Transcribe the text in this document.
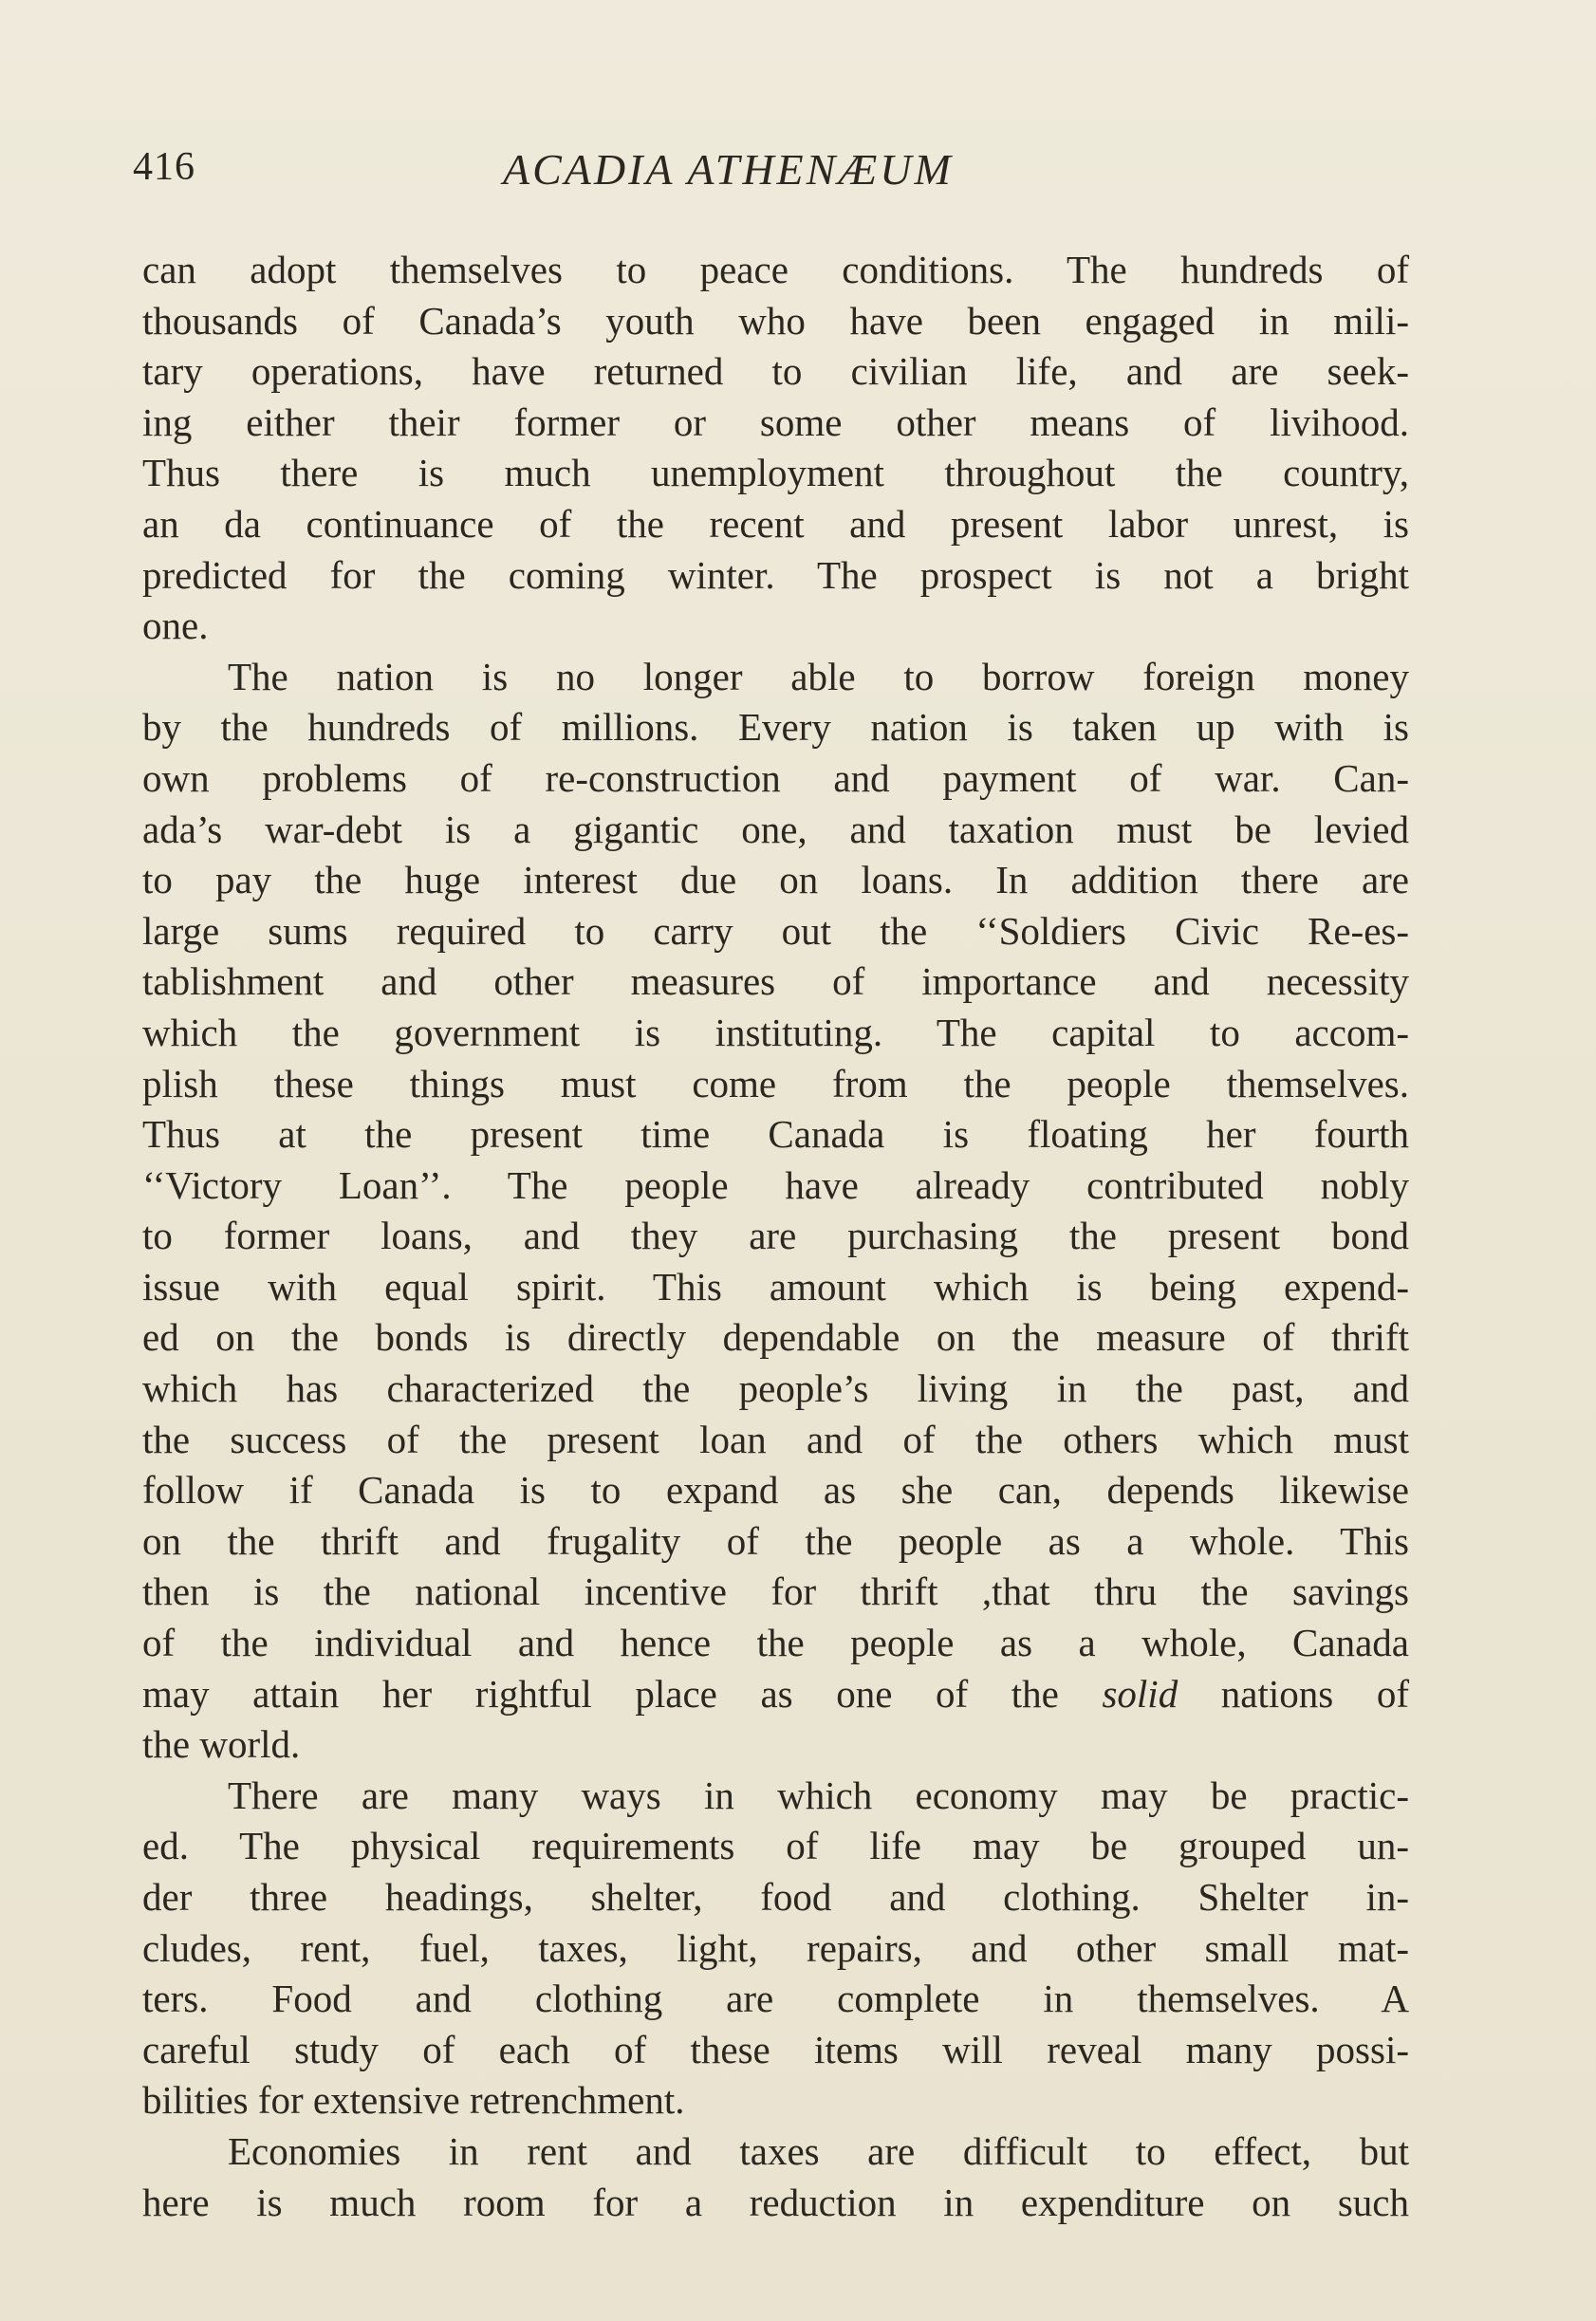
416	ACADIA ATHENÆUM

can adopt themselves to peace conditions. The hundreds of
thousands of Canada’s youth who have been engaged in mili-
tary operations, have returned to civilian life, and are seek-
ing either their former or some other means of livihood.
Thus there is much unemployment throughout the country,
an da continuance of the recent and present labor unrest, is
predicted for the coming winter. The prospect is not a bright
one.

The nation is no longer able to borrow foreign money
by the hundreds of millions. Every nation is taken up with is
own problems of re-construction and payment of war. Can-
ada’s war-debt is a gigantic one, and taxation must be levied
to pay the huge interest due on loans. In addition there are
large sums required to carry out the ‘‘Soldiers Civic Re-es-
tablishment and other measures of importance and necessity
which the government is instituting. The capital to accom-
plish these things must come from the people themselves.
Thus at the present time Canada is floating her fourth
‘‘Victory Loan’’. The people have already contributed nobly
to former loans, and they are purchasing the present bond
issue with equal spirit. This amount which is being expend-
ed on the bonds is directly dependable on the measure of thrift
which has characterized the people’s living in the past, and
the success of the present loan and of the others which must
follow if Canada is to expand as she can, depends likewise
on the thrift and frugality of the people as a whole. This
then is the national incentive for thrift ,that thru the savings
of the individual and hence the people as a whole, Canada
may attain her rightful place as one of the solid nations of
the world.

There are many ways in which economy may be practic-
ed. The physical requirements of life may be grouped un-
der three headings, shelter, food and clothing. Shelter in-
cludes, rent, fuel, taxes, light, repairs, and other small mat-
ters. Food and clothing are complete in themselves. A
careful study of each of these items will reveal many possi-
bilities for extensive retrenchment.

Economies in rent and taxes are difficult to effect, but
here is much room for a reduction in expenditure on such
